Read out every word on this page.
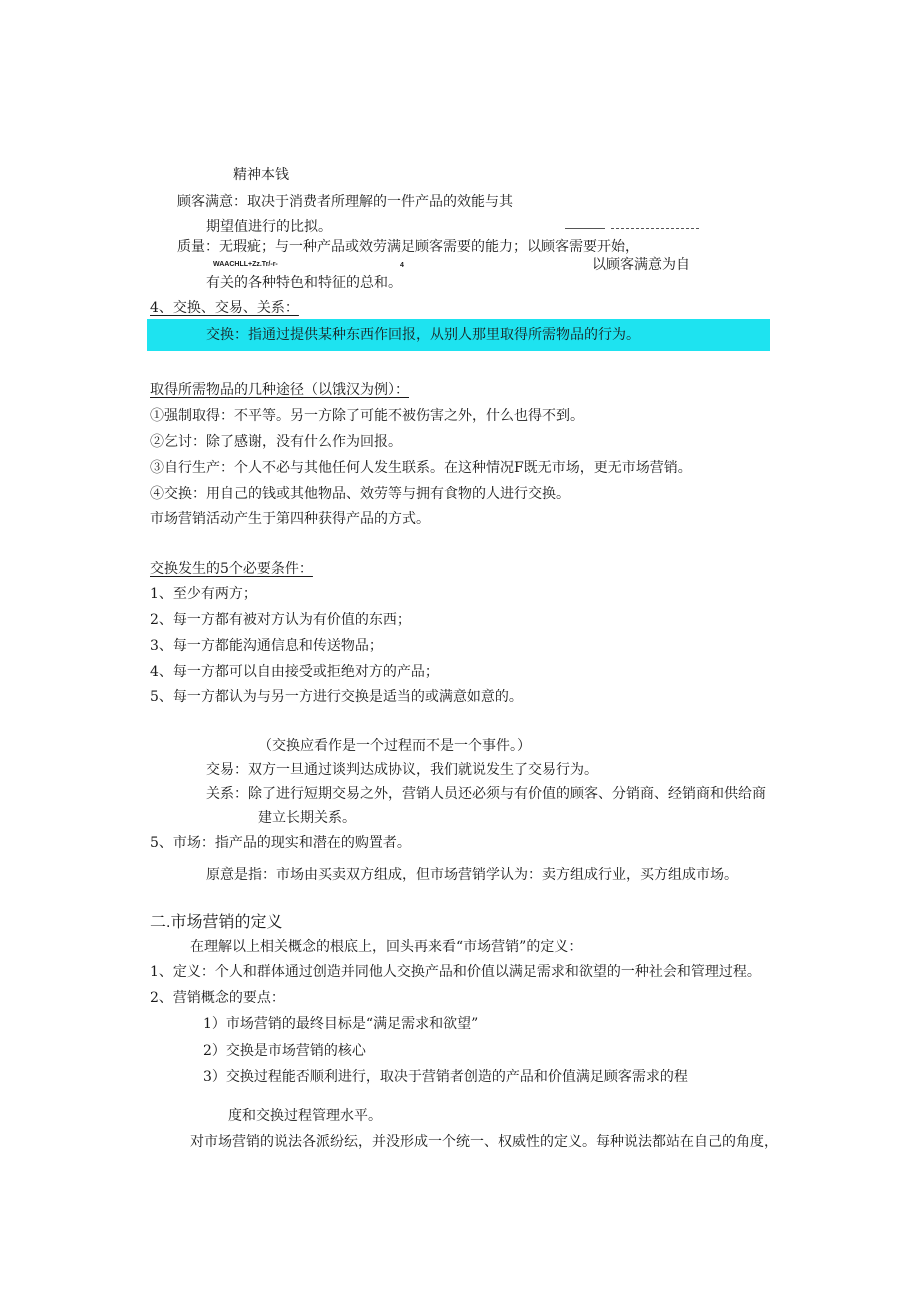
精神本钱
顾客满意：取决于消费者所理解的一件产品的效能与其
期望值进行的比拟。
质量：无瑕疵；与一种产品或效劳满足顾客需要的能力；以顾客需要开始，
WAACHLL+Zz.Tr/-r-	4	以顾客满意为自
有关的各种特色和特征的总和。
4、交换、交易、关系：
交换：指通过提供某种东西作回报，从别人那里取得所需物品的行为。
取得所需物品的几种途径（以饿汉为例）：
①强制取得：不平等。另一方除了可能不被伤害之外，什么也得不到。
②乞讨：除了感谢，没有什么作为回报。
③自行生产：个人不必与其他任何人发生联系。在这种情况F既无市场，更无市场营销。
④交换：用自己的钱或其他物品、效劳等与拥有食物的人进行交换。
市场营销活动产生于第四种获得产品的方式。
交换发生的5个必要条件：
1、至少有两方；
2、每一方都有被对方认为有价值的东西；
3、每一方都能沟通信息和传送物品；
4、每一方都可以自由接受或拒绝对方的产品；
5、每一方都认为与另一方进行交换是适当的或满意如意的。
（交换应看作是一个过程而不是一个事件。）
交易：双方一旦通过谈判达成协议，我们就说发生了交易行为。
关系：除了进行短期交易之外，营销人员还必须与有价值的顾客、分销商、经销商和供给商
建立长期关系。
5、市场：指产品的现实和潜在的购置者。
原意是指：市场由买卖双方组成，但市场营销学认为：卖方组成行业，买方组成市场。
二.市场营销的定义
在理解以上相关概念的根底上，回头再来看“市场营销”的定义：
1、定义：个人和群体通过创造并同他人交换产品和价值以满足需求和欲望的一种社会和管理过程。
2、营销概念的要点：
1）市场营销的最终目标是“满足需求和欲望”
2）交换是市场营销的核心
3）交换过程能否顺利进行，取决于营销者创造的产品和价值满足顾客需求的程
度和交换过程管理水平。
对市场营销的说法各派纷纭，并没形成一个统一、权威性的定义。每种说法都站在自己的角度，
